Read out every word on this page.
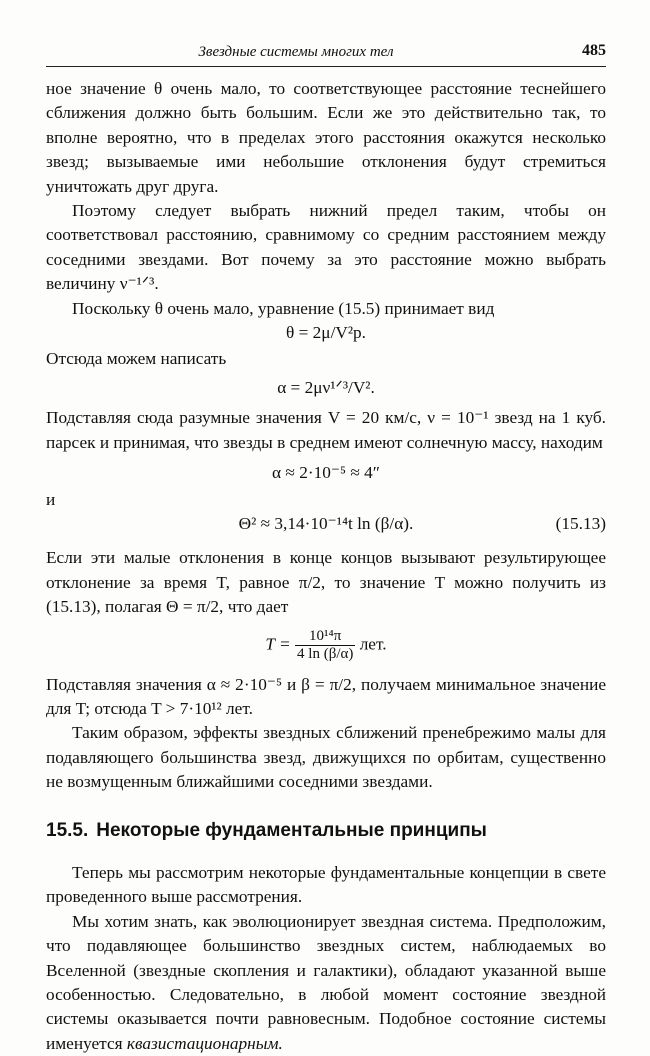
Звездные системы многих тел	485

ное значение θ очень мало, то соответствующее расстояние теснейшего сближения должно быть большим. Если же это действительно так, то вполне вероятно, что в пределах этого расстояния окажутся несколько звезд; вызываемые ими небольшие отклонения будут стремиться уничтожать друг друга.

Поэтому следует выбрать нижний предел таким, чтобы он соответствовал расстоянию, сравнимому со средним расстоянием между соседними звездами. Вот почему за это расстояние можно выбрать величину ν⁻¹ᐟ³.

Поскольку θ очень мало, уравнение (15.5) принимает вид

θ = 2μ/V²p.

Отсюда можем написать

α = 2μν¹ᐟ³/V².

Подставляя сюда разумные значения V = 20 км/с, ν = 10⁻¹ звезд на 1 куб. парсек и принимая, что звезды в среднем имеют солнечную массу, находим

α ≈ 2·10⁻⁵ ≈ 4″

и

Θ² ≈ 3,14·10⁻¹⁴t ln (β/α).	(15.13)

Если эти малые отклонения в конце концов вызывают результирующее отклонение за время T, равное π/2, то значение T можно получить из (15.13), полагая Θ = π/2, что дает

$T = \frac{\text{10¹⁴π}}{4 \ln (\beta/\alpha)}$ лет.

Подставляя значения α ≈ 2·10⁻⁵ и β = π/2, получаем минимальное значение для T; отсюда T > 7·10¹² лет.

Таким образом, эффекты звездных сближений пренебрежимо малы для подавляющего большинства звезд, движущихся по орбитам, существенно не возмущенным ближайшими соседними звездами.

15.5. Некоторые фундаментальные принципы

Теперь мы рассмотрим некоторые фундаментальные концепции в свете проведенного выше рассмотрения.

Мы хотим знать, как эволюционирует звездная система. Предположим, что подавляющее большинство звездных систем, наблюдаемых во Вселенной (звездные скопления и галактики), обладают указанной выше особенностью. Следовательно, в любой момент состояние звездной системы оказывается почти равновесным. Подобное состояние системы именуется квазистационарным.
